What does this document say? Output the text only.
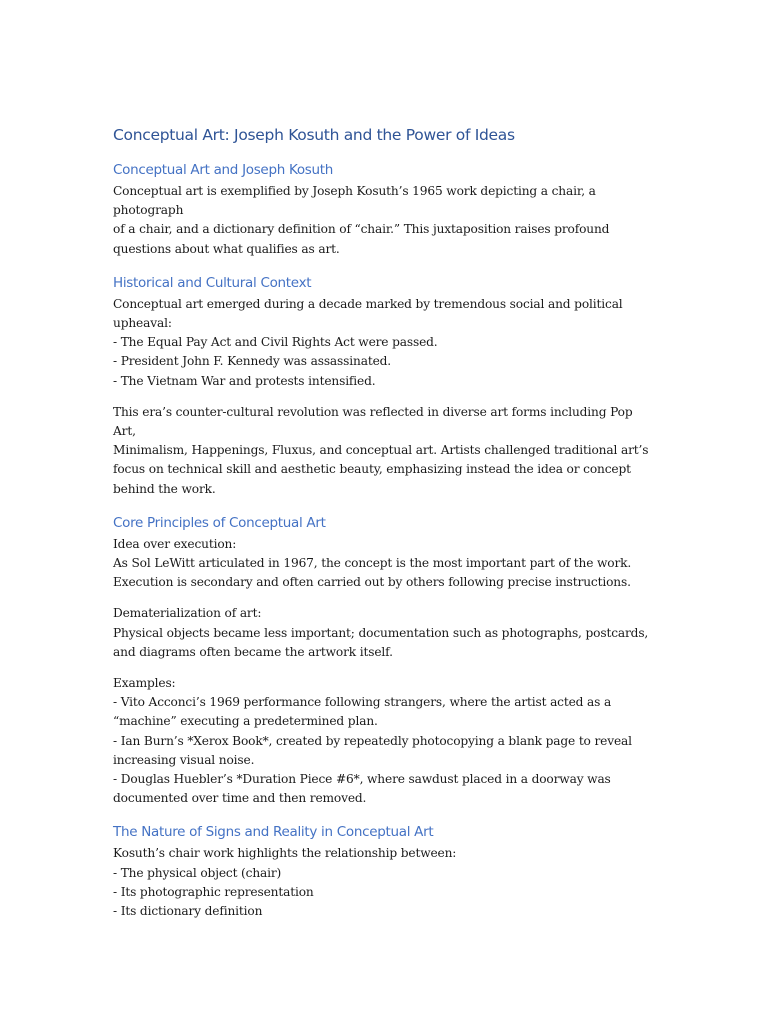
Conceptual Art: Joseph Kosuth and the Power of Ideas
Conceptual Art and Joseph Kosuth

Conceptual art is exemplified by Joseph Kosuth’s 1965 work depicting a chair, a photograph
of a chair, and a dictionary definition of “chair.” This juxtaposition raises profound
questions about what qualifies as art.

Historical and Cultural Context

Conceptual art emerged during a decade marked by tremendous social and political
upheaval:
- The Equal Pay Act and Civil Rights Act were passed.
- President John F. Kennedy was assassinated.
- The Vietnam War and protests intensified.

This era’s counter-cultural revolution was reflected in diverse art forms including Pop Art,
Minimalism, Happenings, Fluxus, and conceptual art. Artists challenged traditional art’s
focus on technical skill and aesthetic beauty, emphasizing instead the idea or concept
behind the work.

Core Principles of Conceptual Art

Idea over execution:
As Sol LeWitt articulated in 1967, the concept is the most important part of the work.
Execution is secondary and often carried out by others following precise instructions.

Dematerialization of art:
Physical objects became less important; documentation such as photographs, postcards,
and diagrams often became the artwork itself.

Examples:
- Vito Acconci’s 1969 performance following strangers, where the artist acted as a
“machine” executing a predetermined plan.
- Ian Burn’s *Xerox Book*, created by repeatedly photocopying a blank page to reveal
increasing visual noise.
- Douglas Huebler’s *Duration Piece #6*, where sawdust placed in a doorway was
documented over time and then removed.

The Nature of Signs and Reality in Conceptual Art

Kosuth’s chair work highlights the relationship between:
- The physical object (chair)
- Its photographic representation
- Its dictionary definition
